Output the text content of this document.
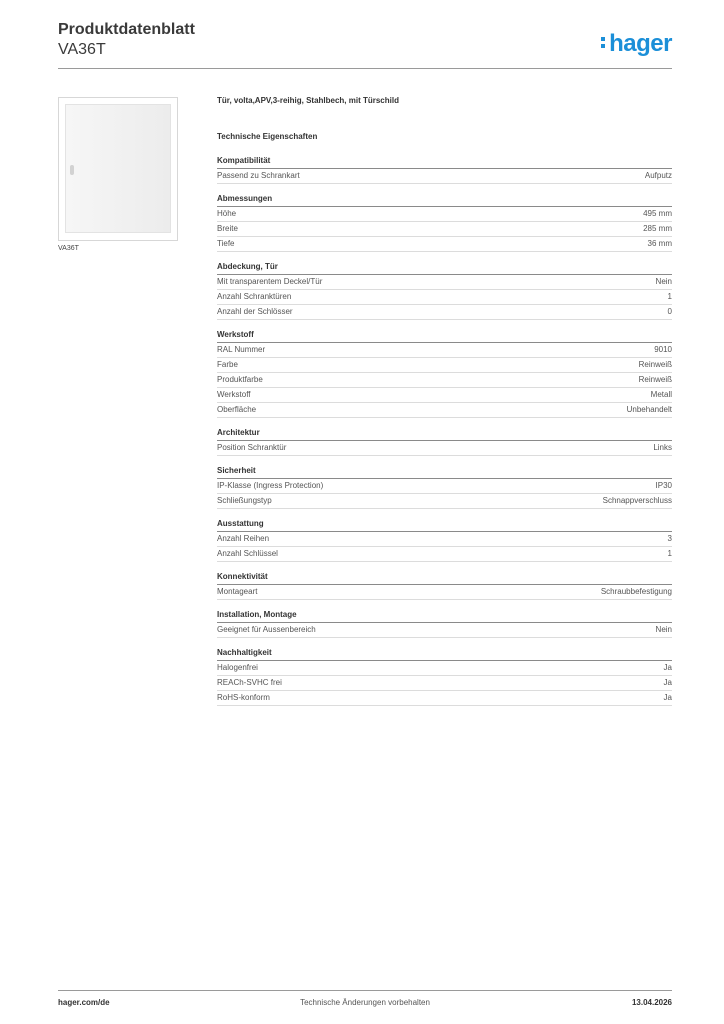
Produktdatenblatt
VA36T	hager
VA36T
Tür, volta,APV,3-reihig, Stahlbech, mit Türschild
Technische Eigenschaften
Kompatibilität
Passend zu Schrankart	Aufputz
Abmessungen
Höhe	495 mm
Breite	285 mm
Tiefe	36 mm
Abdeckung, Tür
Mit transparentem Deckel/Tür	Nein
Anzahl Schranktüren	1
Anzahl der Schlösser	0
Werkstoff
RAL Nummer	9010
Farbe	Reinweiß
Produktfarbe	Reinweiß
Werkstoff	Metall
Oberfläche	Unbehandelt
Architektur
Position Schranktür	Links
Sicherheit
IP-Klasse (Ingress Protection)	IP30
Schließungstyp	Schnappverschluss
Ausstattung
Anzahl Reihen	3
Anzahl Schlüssel	1
Konnektivität
Montageart	Schraubbefestigung
Installation, Montage
Geeignet für Aussenbereich	Nein
Nachhaltigkeit
Halogenfrei	Ja
REACh-SVHC frei	Ja
RoHS-konform	Ja
hager.com/de	Technische Änderungen vorbehalten	13.04.2026
